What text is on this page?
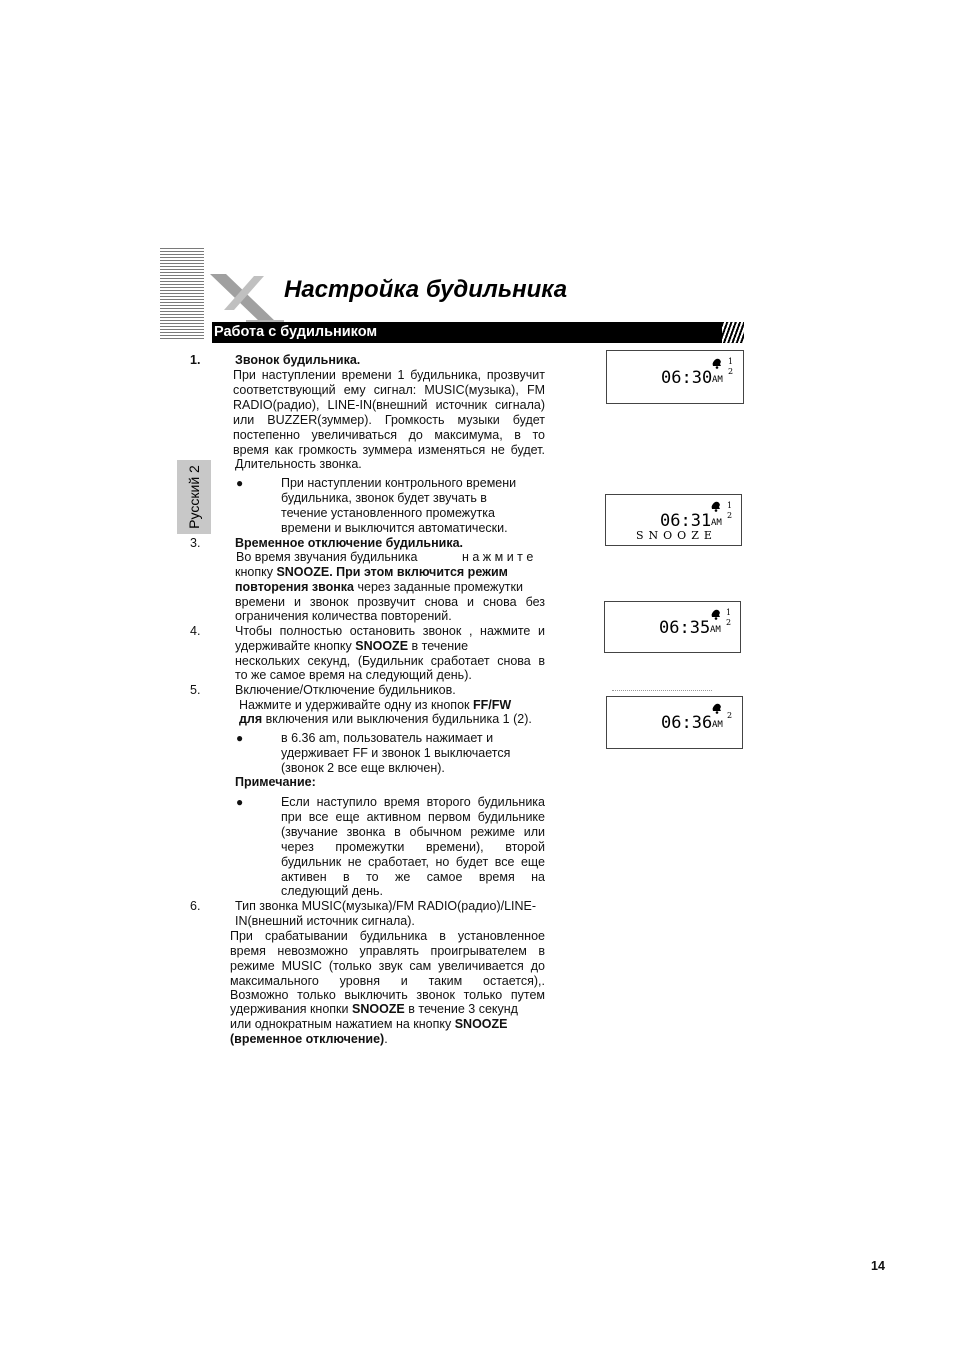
Настройка будильника
Работа с будильником
Русский 2
1.	Звонок будильника.
При наступлении времени 1 будильника, прозвучит
соответствующий ему сигнал: MUSIC(музыка), FM
RADIO(радио), LINE-IN(внешний источник сигнала)
или BUZZER(зуммер). Громкость музыки будет
постепенно увеличиваться до максимума, в то
время как громкость зуммера изменяться не будет.
Длительность звонка.
●	При наступлении контрольного времени
будильника, звонок будет звучать в
течение установленного промежутка
времени и выключится автоматически.
3.	Временное отключение будильника.
Во время звучания будильника	н а ж м и т е
кнопку SNOOZE. При этом включится режим
повторения звонка через заданные промежутки
времени и звонок прозвучит снова и снова без
ограничения количества повторений.
4.	Чтобы полностью остановить звонок , нажмите и
удерживайте кнопку SNOOZE в течение
нескольких секунд, (Будильник сработает снова в
то же самое время на следующий день).
5.	Включение/Отключение будильников.
Нажмите и удерживайте одну из кнопок FF/FW
для включения или выключения будильника 1 (2).
●	в 6.36 am, пользователь нажимает и
удерживает FF и звонок 1 выключается
(звонок 2 все еще включен).
Примечание:
●	Если наступило время второго будильника
при все еще активном первом будильнике
(звучание звонка в обычном режиме или
через промежутки времени), второй
будильник не сработает, но будет все еще
активен в то же самое время на
следующий день.
6.	Тип звонка MUSIC(музыка)/FM RADIO(радио)/LINE-
IN(внешний источник сигнала).
При срабатывании будильника в установленное
время невозможно управлять проигрывателем в
режиме MUSIC (только звук сам увеличивается до
максимального уровня и таким остается),.
Возможно только выключить звонок только путем
удерживания кнопки SNOOZE в течение 3 секунд
или однократным нажатием на кнопку SNOOZE
(временное отключение).
1
2
06:30 AM
1
2
06:31 AM
SNOOZE
1
2
06:35 AM
2
06:36 AM
14
